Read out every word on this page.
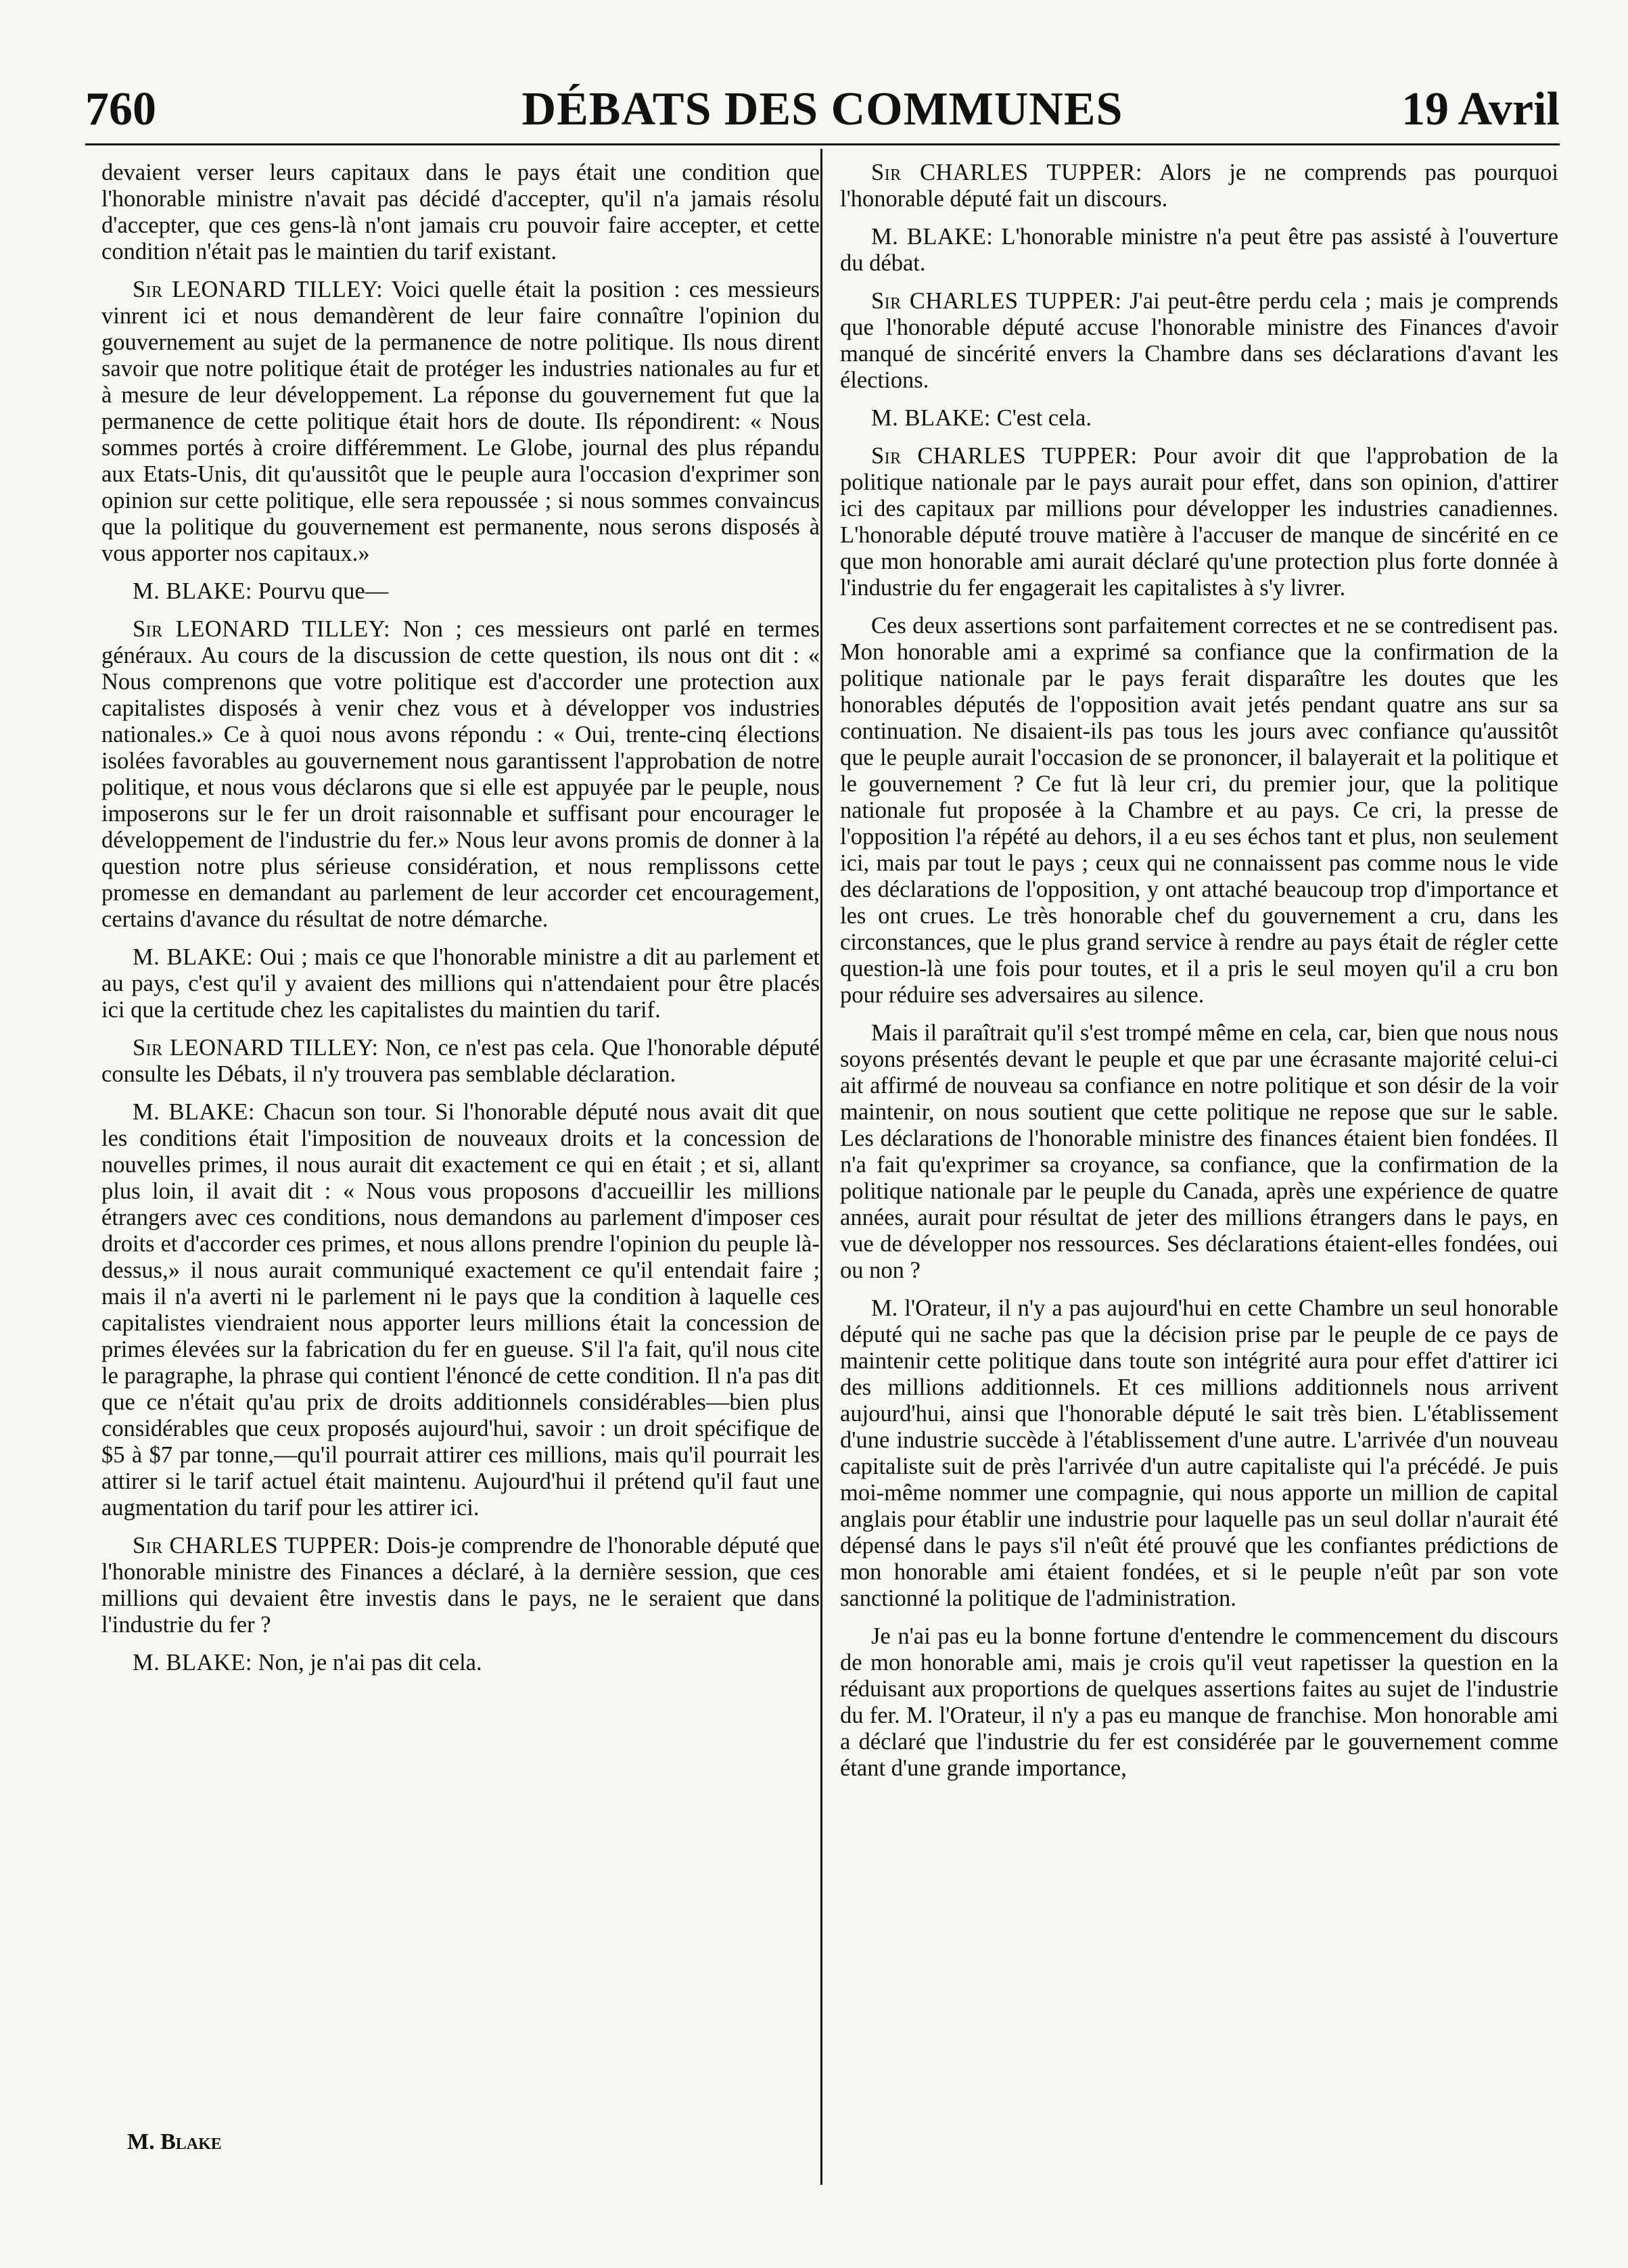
760	DÉBATS DES COMMUNES	19 Avril

devaient verser leurs capitaux dans le pays était une condition que l'honorable ministre n'avait pas décidé d'accepter, qu'il n'a jamais résolu d'accepter, que ces gens-là n'ont jamais cru pouvoir faire accepter, et cette condition n'était pas le maintien du tarif existant.

Sir LEONARD TILLEY: Voici quelle était la position : ces messieurs vinrent ici et nous demandèrent de leur faire connaître l'opinion du gouvernement au sujet de la permanence de notre politique. Ils nous dirent savoir que notre politique était de protéger les industries nationales au fur et à mesure de leur développement. La réponse du gouvernement fut que la permanence de cette politique était hors de doute. Ils répondirent: « Nous sommes portés à croire différemment. Le Globe, journal des plus répandu aux Etats-Unis, dit qu'aussitôt que le peuple aura l'occasion d'exprimer son opinion sur cette politique, elle sera repoussée ; si nous sommes convaincus que la politique du gouvernement est permanente, nous serons disposés à vous apporter nos capitaux.»

M. BLAKE: Pourvu que—

Sir LEONARD TILLEY: Non ; ces messieurs ont parlé en termes généraux. Au cours de la discussion de cette question, ils nous ont dit : « Nous comprenons que votre politique est d'accorder une protection aux capitalistes disposés à venir chez vous et à développer vos industries nationales.» Ce à quoi nous avons répondu : « Oui, trente-cinq élections isolées favorables au gouvernement nous garantissent l'approbation de notre politique, et nous vous déclarons que si elle est appuyée par le peuple, nous imposerons sur le fer un droit raisonnable et suffisant pour encourager le développement de l'industrie du fer.» Nous leur avons promis de donner à la question notre plus sérieuse considération, et nous remplissons cette promesse en demandant au parlement de leur accorder cet encouragement, certains d'avance du résultat de notre démarche.

M. BLAKE: Oui ; mais ce que l'honorable ministre a dit au parlement et au pays, c'est qu'il y avaient des millions qui n'attendaient pour être placés ici que la certitude chez les capitalistes du maintien du tarif.

Sir LEONARD TILLEY: Non, ce n'est pas cela. Que l'honorable député consulte les Débats, il n'y trouvera pas semblable déclaration.

M. BLAKE: Chacun son tour. Si l'honorable député nous avait dit que les conditions était l'imposition de nouveaux droits et la concession de nouvelles primes, il nous aurait dit exactement ce qui en était ; et si, allant plus loin, il avait dit : « Nous vous proposons d'accueillir les millions étrangers avec ces conditions, nous demandons au parlement d'imposer ces droits et d'accorder ces primes, et nous allons prendre l'opinion du peuple là-dessus,» il nous aurait communiqué exactement ce qu'il entendait faire ; mais il n'a averti ni le parlement ni le pays que la condition à laquelle ces capitalistes viendraient nous apporter leurs millions était la concession de primes élevées sur la fabrication du fer en gueuse. S'il l'a fait, qu'il nous cite le paragraphe, la phrase qui contient l'énoncé de cette condition. Il n'a pas dit que ce n'était qu'au prix de droits additionnels considérables—bien plus considérables que ceux proposés aujourd'hui, savoir : un droit spécifique de $5 à $7 par tonne,—qu'il pourrait attirer ces millions, mais qu'il pourrait les attirer si le tarif actuel était maintenu. Aujourd'hui il prétend qu'il faut une augmentation du tarif pour les attirer ici.

Sir CHARLES TUPPER: Dois-je comprendre de l'honorable député que l'honorable ministre des Finances a déclaré, à la dernière session, que ces millions qui devaient être investis dans le pays, ne le seraient que dans l'industrie du fer ?

M. BLAKE: Non, je n'ai pas dit cela.

Sir CHARLES TUPPER: Alors je ne comprends pas pourquoi l'honorable député fait un discours.

M. BLAKE: L'honorable ministre n'a peut être pas assisté à l'ouverture du débat.

Sir CHARLES TUPPER: J'ai peut-être perdu cela ; mais je comprends que l'honorable député accuse l'honorable ministre des Finances d'avoir manqué de sincérité envers la Chambre dans ses déclarations d'avant les élections.

M. BLAKE: C'est cela.

Sir CHARLES TUPPER: Pour avoir dit que l'approbation de la politique nationale par le pays aurait pour effet, dans son opinion, d'attirer ici des capitaux par millions pour développer les industries canadiennes. L'honorable député trouve matière à l'accuser de manque de sincérité en ce que mon honorable ami aurait déclaré qu'une protection plus forte donnée à l'industrie du fer engagerait les capitalistes à s'y livrer.

Ces deux assertions sont parfaitement correctes et ne se contredisent pas. Mon honorable ami a exprimé sa confiance que la confirmation de la politique nationale par le pays ferait disparaître les doutes que les honorables députés de l'opposition avait jetés pendant quatre ans sur sa continuation. Ne disaient-ils pas tous les jours avec confiance qu'aussitôt que le peuple aurait l'occasion de se prononcer, il balayerait et la politique et le gouvernement ? Ce fut là leur cri, du premier jour, que la politique nationale fut proposée à la Chambre et au pays. Ce cri, la presse de l'opposition l'a répété au dehors, il a eu ses échos tant et plus, non seulement ici, mais par tout le pays ; ceux qui ne connaissent pas comme nous le vide des déclarations de l'opposition, y ont attaché beaucoup trop d'importance et les ont crues. Le très honorable chef du gouvernement a cru, dans les circonstances, que le plus grand service à rendre au pays était de régler cette question-là une fois pour toutes, et il a pris le seul moyen qu'il a cru bon pour réduire ses adversaires au silence.

Mais il paraîtrait qu'il s'est trompé même en cela, car, bien que nous nous soyons présentés devant le peuple et que par une écrasante majorité celui-ci ait affirmé de nouveau sa confiance en notre politique et son désir de la voir maintenir, on nous soutient que cette politique ne repose que sur le sable. Les déclarations de l'honorable ministre des finances étaient bien fondées. Il n'a fait qu'exprimer sa croyance, sa confiance, que la confirmation de la politique nationale par le peuple du Canada, après une expérience de quatre années, aurait pour résultat de jeter des millions étrangers dans le pays, en vue de développer nos ressources. Ses déclarations étaient-elles fondées, oui ou non ?

M. l'Orateur, il n'y a pas aujourd'hui en cette Chambre un seul honorable député qui ne sache pas que la décision prise par le peuple de ce pays de maintenir cette politique dans toute son intégrité aura pour effet d'attirer ici des millions additionnels. Et ces millions additionnels nous arrivent aujourd'hui, ainsi que l'honorable député le sait très bien. L'établissement d'une industrie succède à l'établissement d'une autre. L'arrivée d'un nouveau capitaliste suit de près l'arrivée d'un autre capitaliste qui l'a précédé. Je puis moi-même nommer une compagnie, qui nous apporte un million de capital anglais pour établir une industrie pour laquelle pas un seul dollar n'aurait été dépensé dans le pays s'il n'eût été prouvé que les confiantes prédictions de mon honorable ami étaient fondées, et si le peuple n'eût par son vote sanctionné la politique de l'administration.

Je n'ai pas eu la bonne fortune d'entendre le commencement du discours de mon honorable ami, mais je crois qu'il veut rapetisser la question en la réduisant aux proportions de quelques assertions faites au sujet de l'industrie du fer. M. l'Orateur, il n'y a pas eu manque de franchise. Mon honorable ami a déclaré que l'industrie du fer est considérée par le gouvernement comme étant d'une grande importance,

M. Blake
